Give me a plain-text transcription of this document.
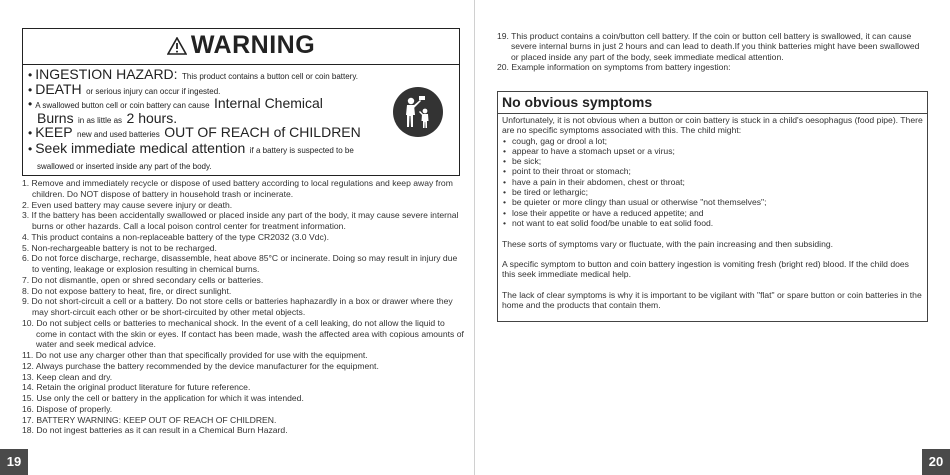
WARNING
• INGESTION HAZARD: This product contains a button cell or coin battery.
• DEATH or serious injury can occur if ingested.
• A swallowed button cell or coin battery can cause Internal Chemical
Burns in as little as 2 hours.
• KEEP new and used batteries OUT OF REACH of CHILDREN
• Seek immediate medical attention if a battery is suspected to be
swallowed or inserted inside any part of the body.
1. Remove and immediately recycle or dispose of used battery according to local regulations and keep away from children. Do NOT dispose of battery in household trash or incinerate.
2. Even used battery may cause severe injury or death.
3. If the battery has been accidentally swallowed or placed inside any part of the body, it may cause severe internal burns or other hazards. Call a local poison control center for treatment information.
4. This product contains a non-replaceable battery of the type CR2032 (3.0 Vdc).
5. Non-rechargeable battery is not to be recharged.
6. Do not force discharge, recharge, disassemble, heat above 85°C or incinerate. Doing so may result in injury due to venting, leakage or explosion resulting in chemical burns.
7. Do not dismantle, open or shred secondary cells or batteries.
8. Do not expose battery to heat, fire, or direct sunlight.
9. Do not short-circuit a cell or a battery. Do not store cells or batteries haphazardly in a box or drawer where they may short-circuit each other or be short-circuited by other metal objects.
10. Do not subject cells or batteries to mechanical shock. In the event of a cell leaking, do not allow the liquid to come in contact with the skin or eyes. If contact has been made, wash the affected area with copious amounts of water and seek medical advice.
11. Do not use any charger other than that specifically provided for use with the equipment.
12. Always purchase the battery recommended by the device manufacturer for the equipment.
13. Keep clean and dry.
14. Retain the original product literature for future reference.
15. Use only the cell or battery in the application for which it was intended.
16. Dispose of properly.
17. BATTERY WARNING: KEEP OUT OF REACH OF CHILDREN.
18. Do not ingest batteries as it can result in a Chemical Burn Hazard.
19
19. This product contains a coin/button cell battery. If the coin or button cell battery is swallowed, it can cause severe internal burns in just 2 hours and can lead to death.If you think batteries might have been swallowed or placed inside any part of the body, seek immediate medical attention.
20. Example information on symptoms from battery ingestion:
No obvious symptoms
Unfortunately, it is not obvious when a button or coin battery is stuck in a child's oesophagus (food pipe). There are no specific symptoms associated with this. The child might:
• cough, gag or drool a lot;
• appear to have a stomach upset or a virus;
• be sick;
• point to their throat or stomach;
• have a pain in their abdomen, chest or throat;
• be tired or lethargic;
• be quieter or more clingy than usual or otherwise "not themselves";
• lose their appetite or have a reduced appetite; and
• not want to eat solid food/be unable to eat solid food.
These sorts of symptoms vary or fluctuate, with the pain increasing and then subsiding.
A specific symptom to button and coin battery ingestion is vomiting fresh (bright red) blood. If the child does this seek immediate medical help.
The lack of clear symptoms is why it is important to be vigilant with "flat" or spare button or coin batteries in the home and the products that contain them.
20
